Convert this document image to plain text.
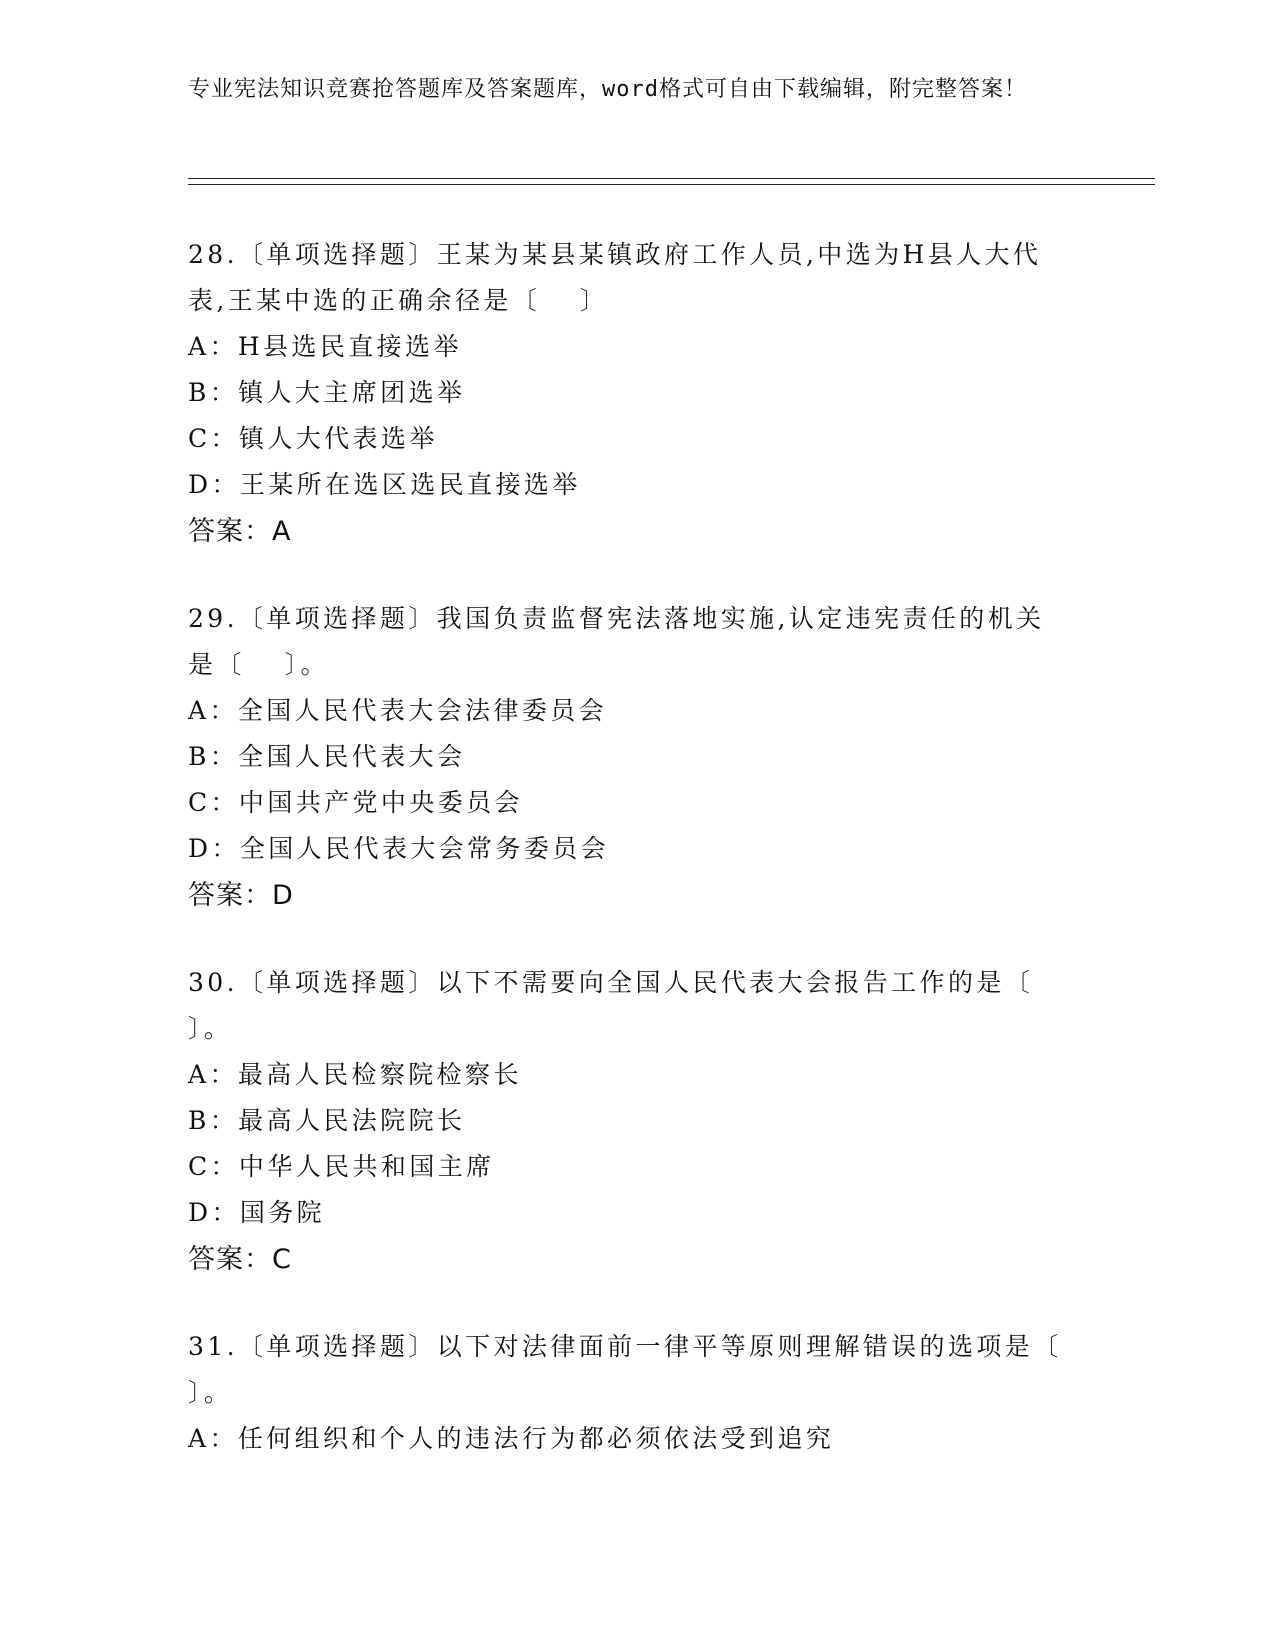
专业宪法知识竞赛抢答题库及答案题库，word格式可自由下载编辑，附完整答案！
28.〔单项选择题〕王某为某县某镇政府工作人员,中选为H县人大代表,王某中选的正确余径是〔 　〕
A：H县选民直接选举
B：镇人大主席团选举
C：镇人大代表选举
D：王某所在选区选民直接选举
答案：A
29.〔单项选择题〕我国负责监督宪法落地实施,认定违宪责任的机关是〔 　〕。
A：全国人民代表大会法律委员会
B：全国人民代表大会
C：中国共产党中央委员会
D：全国人民代表大会常务委员会
答案：D
30.〔单项选择题〕以下不需要向全国人民代表大会报告工作的是〔 〕。
A：最高人民检察院检察长
B：最高人民法院院长
C：中华人民共和国主席
D：国务院
答案：C
31.〔单项选择题〕以下对法律面前一律平等原则理解错误的选项是〔 〕。
A：任何组织和个人的违法行为都必须依法受到追究
